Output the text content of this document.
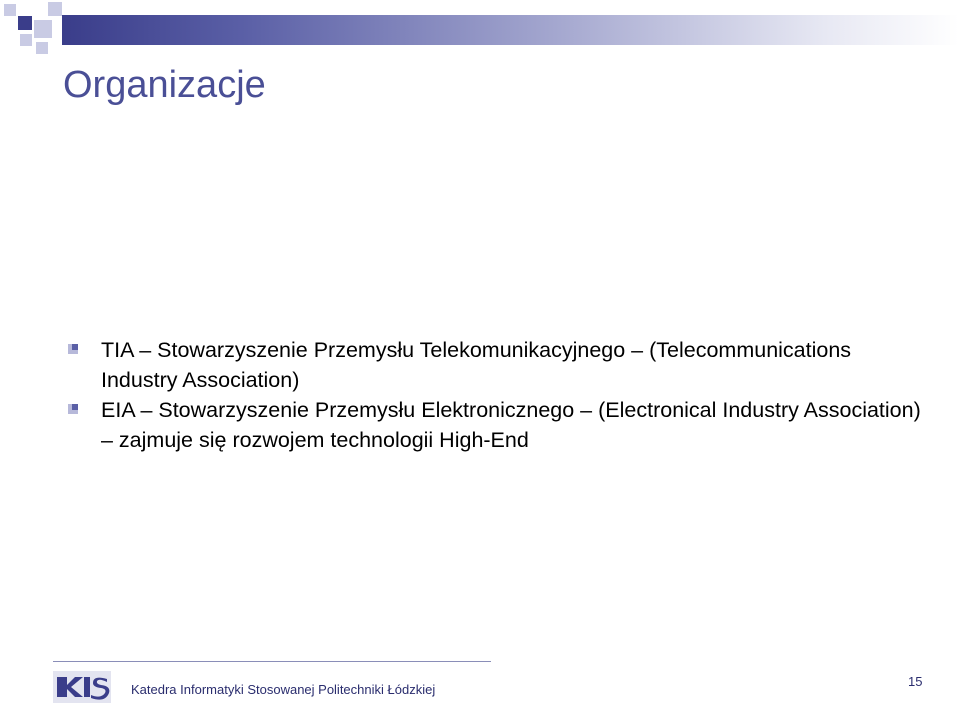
Organizacje
TIA – Stowarzyszenie Przemysłu Telekomunikacyjnego – (Telecommunications Industry Association)
EIA – Stowarzyszenie Przemysłu Elektronicznego – (Electronical Industry Association) – zajmuje się rozwojem technologii High-End
Katedra Informatyki Stosowanej Politechniki Łódzkiej
15
